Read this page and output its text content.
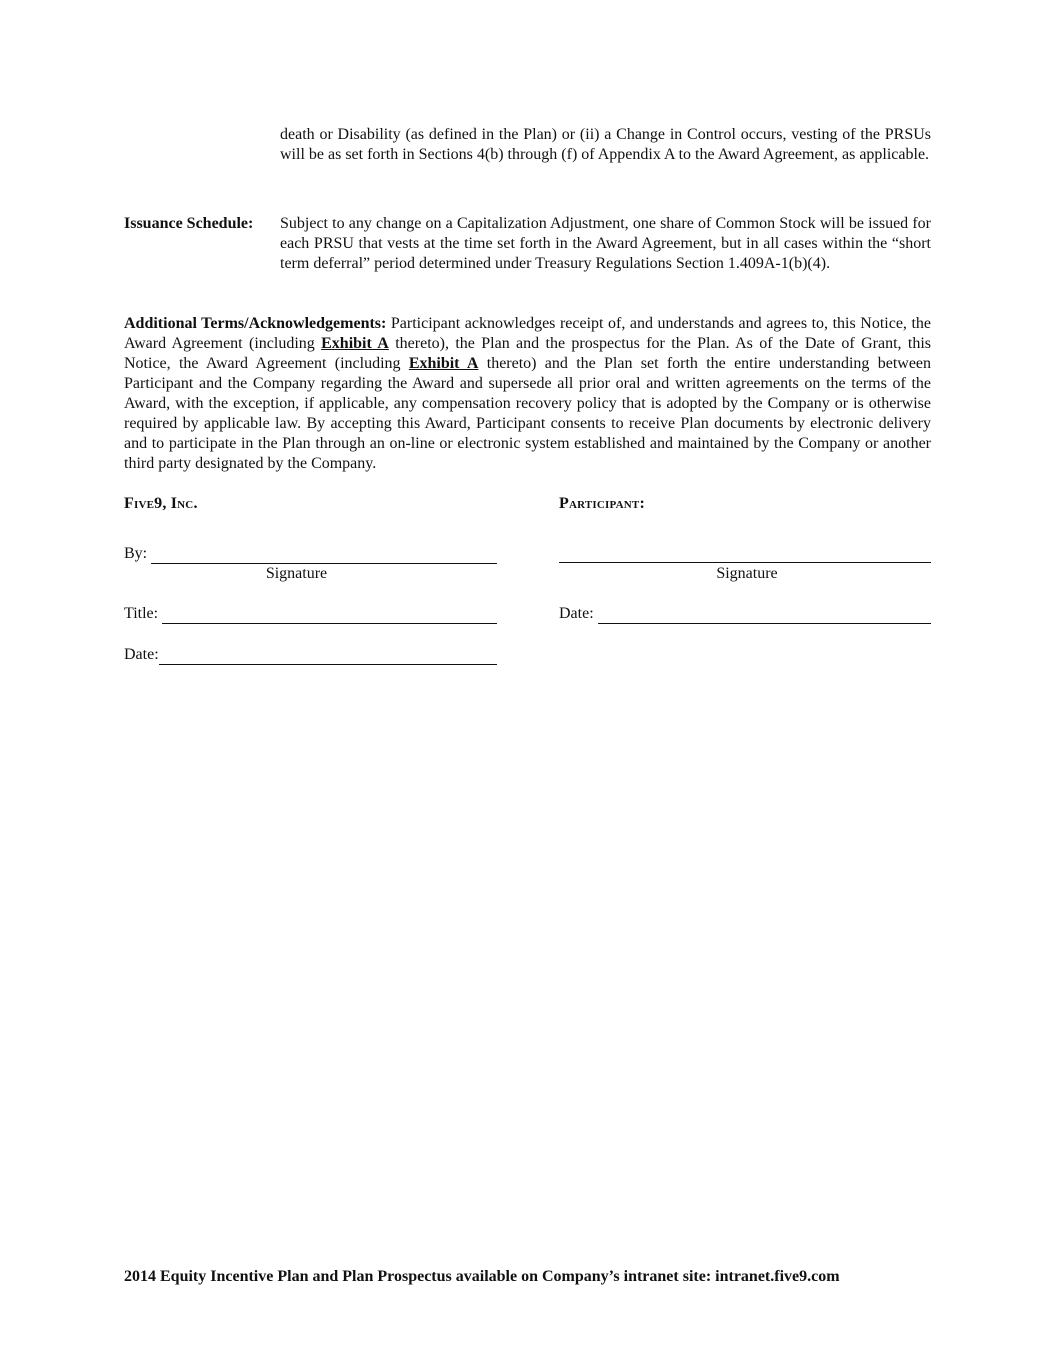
death or Disability (as defined in the Plan) or (ii) a Change in Control occurs, vesting of the PRSUs will be as set forth in Sections 4(b) through (f) of Appendix A to the Award Agreement, as applicable.
Issuance Schedule: Subject to any change on a Capitalization Adjustment, one share of Common Stock will be issued for each PRSU that vests at the time set forth in the Award Agreement, but in all cases within the “short term deferral” period determined under Treasury Regulations Section 1.409A-1(b)(4).
Additional Terms/Acknowledgements: Participant acknowledges receipt of, and understands and agrees to, this Notice, the Award Agreement (including Exhibit A thereto), the Plan and the prospectus for the Plan. As of the Date of Grant, this Notice, the Award Agreement (including Exhibit A thereto) and the Plan set forth the entire understanding between Participant and the Company regarding the Award and supersede all prior oral and written agreements on the terms of the Award, with the exception, if applicable, any compensation recovery policy that is adopted by the Company or is otherwise required by applicable law. By accepting this Award, Participant consents to receive Plan documents by electronic delivery and to participate in the Plan through an on-line or electronic system established and maintained by the Company or another third party designated by the Company.
Five9, Inc.	Participant:
By:
Signature	Signature
Title:	Date:
Date:
2014 Equity Incentive Plan and Plan Prospectus available on Company’s intranet site: intranet.five9.com
